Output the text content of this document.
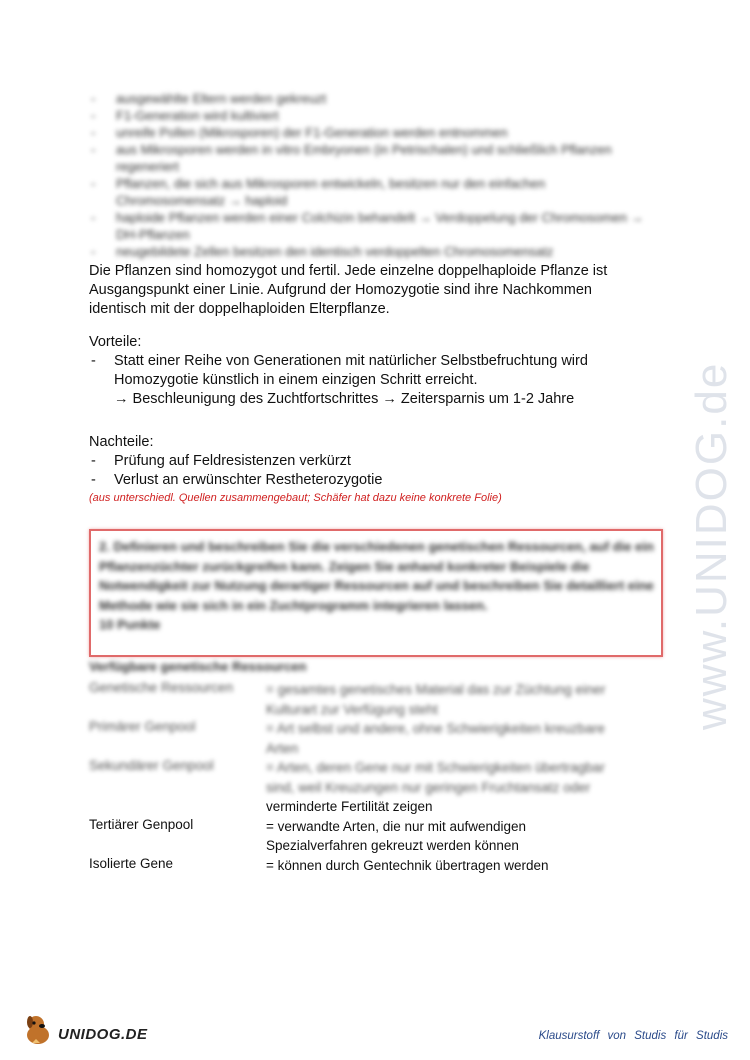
- ausgewählte Eltern werden gekreuzt
- F1-Generation wird kultiviert
- unreife Pollen (Mikrosporen) der F1-Generation werden entnommen
- aus Mikrosporen werden in vitro Embryonen (in Petrischalen) und schließlich Pflanzen regeneriert
- Pflanzen, die sich aus Mikrosporen entwickeln, besitzen nur den einfachen Chromosomensatz → haploid
- haploide Pflanzen werden einer Colchizin behandelt → Verdoppelung der Chromosomen → DH-Pflanzen
- neugebildete Zellen besitzen den identisch verdoppelten Chromosomensatz
Die Pflanzen sind homozygot und fertil. Jede einzelne doppelhaploide Pflanze ist Ausgangspunkt einer Linie. Aufgrund der Homozygotie sind ihre Nachkommen identisch mit der doppelhaploiden Elterpflanze.
Vorteile:
- Statt einer Reihe von Generationen mit natürlicher Selbstbefruchtung wird
Homozygotie künstlich in einem einzigen Schritt erreicht.
→ Beschleunigung des Zuchtfortschrittes → Zeitersparnis um 1-2 Jahre
Nachteile:
- Prüfung auf Feldresistenzen verkürzt
- Verlust an erwünschter Restheterozygotie
(aus unterschiedl. Quellen zusammengebaut; Schäfer hat dazu keine konkrete Folie)
2. Definieren und beschreiben Sie die verschiedenen genetischen Ressourcen, auf die ein Pflanzenzüchter zurückgreifen kann. Zeigen Sie anhand konkreter Beispiele die Notwendigkeit zur Nutzung derartiger Ressourcen auf und beschreiben Sie detailliert eine Methode wie sie sich in ein Zuchtprogramm integrieren lassen.
10 Punkte
Verfügbare genetische Ressourcen
Genetische Ressourcen	= gesamtes genetisches Material das zur Züchtung einer
Kulturart zur Verfügung steht
Primärer Genpool	= Art selbst und andere, ohne Schwierigkeiten kreuzbare
Arten
Sekundärer Genpool	= Arten, deren Gene nur mit Schwierigkeiten übertragbar
sind, weil Kreuzungen nur geringen Fruchtansatz oder
verminderte Fertilität zeigen
Tertiärer Genpool	= verwandte Arten, die nur mit aufwendigen
Spezialverfahren gekreuzt werden können
Isolierte Gene	= können durch Gentechnik übertragen werden
www.UNIDOG.de
UNIDOG.DE	Klausurstoff von Studis für Studis
